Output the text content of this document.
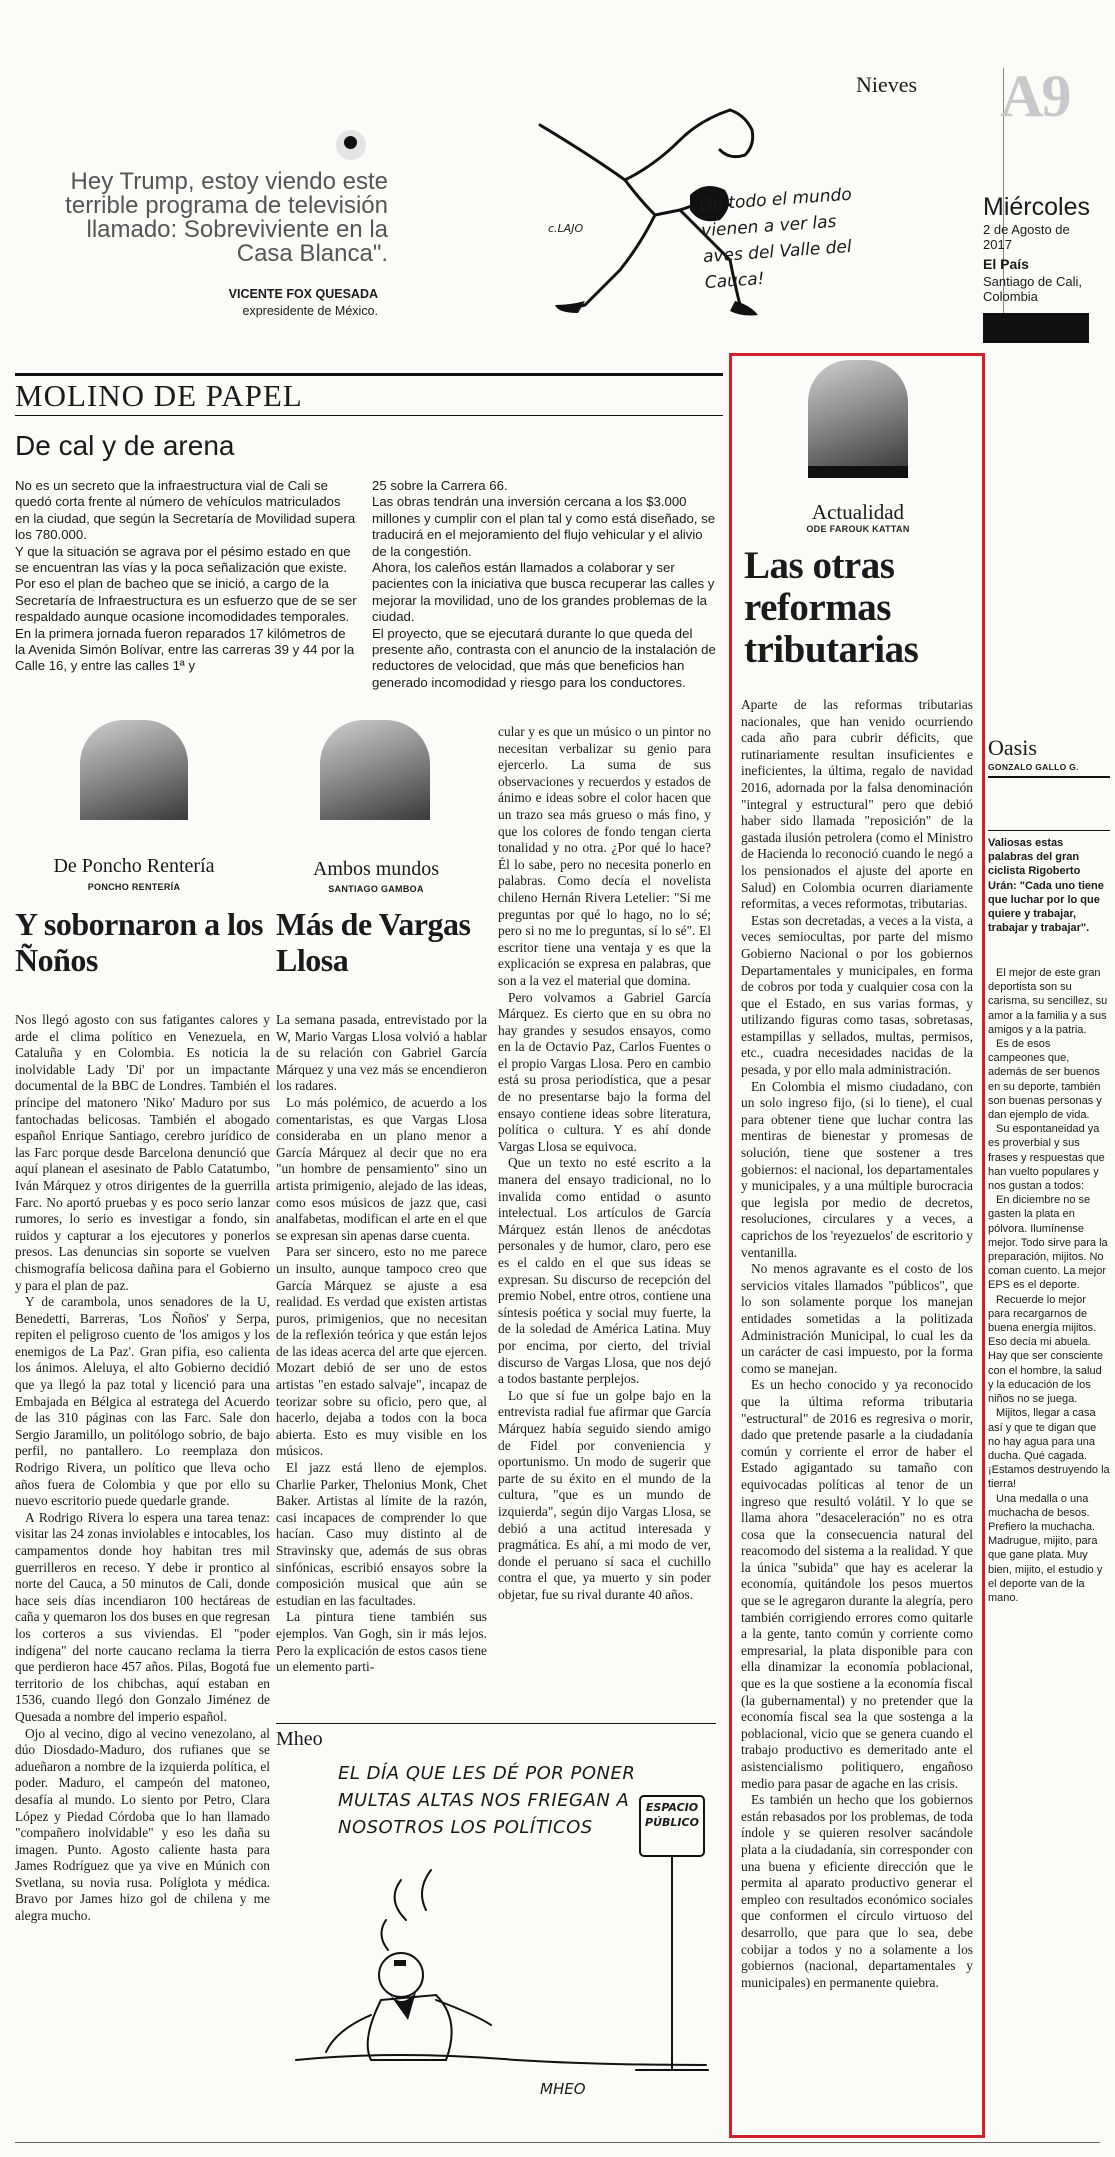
Nieves A9
Miércoles
2 de Agosto de 2017
El País
Santiago de Cali, Colombia
Hey Trump, estoy viendo este terrible programa de televisión llamado: Sobreviviente en la Casa Blanca".
VICENTE FOX QUESADA
expresidente de México.
c.LAJO
De todo el mundo vienen a ver las aves del Valle del Cauca!
MOLINO DE PAPEL
De cal y de arena

No es un secreto que la infraestructura vial de Cali se quedó corta frente al número de vehículos matriculados en la ciudad, que según la Secretaría de Movilidad supera los 780.000.

Y que la situación se agrava por el pésimo estado en que se encuentran las vías y la poca señalización que existe.

Por eso el plan de bacheo que se inició, a cargo de la Secretaría de Infraestructura es un esfuerzo que de se ser respaldado aunque ocasione incomodidades temporales.

En la primera jornada fueron reparados 17 kilómetros de la Avenida Simón Bolívar, entre las carreras 39 y 44 por la Calle 16, y entre las calles 1ª y

25 sobre la Carrera 66.

Las obras tendrán una inversión cercana a los $3.000 millones y cumplir con el plan tal y como está diseñado, se traducirá en el mejoramiento del flujo vehicular y el alivio de la congestión.

Ahora, los caleños están llamados a colaborar y ser pacientes con la iniciativa que busca recuperar las calles y mejorar la movilidad, uno de los grandes problemas de la ciudad.

El proyecto, que se ejecutará durante lo que queda del presente año, contrasta con el anuncio de la instalación de reductores de velocidad, que más que beneficios han generado incomodidad y riesgo para los conductores.

De Poncho Rentería
PONCHO RENTERÍA
Y sobornaron a los Ñoños

Nos llegó agosto con sus fatigantes calores y arde el clima político en Venezuela, en Cataluña y en Colombia. Es noticia la inolvidable Lady 'Di' por un impactante documental de la BBC de Londres. También el príncipe del matonero 'Niko' Maduro por sus fantochadas belicosas. También el abogado español Enrique Santiago, cerebro jurídico de las Farc porque desde Barcelona denunció que aquí planean el asesinato de Pablo Catatumbo, Iván Márquez y otros dirigentes de la guerrilla Farc. No aportó pruebas y es poco serio lanzar rumores, lo serio es investigar a fondo, sin ruidos y capturar a los ejecutores y ponerlos presos. Las denuncias sin soporte se vuelven chismografía belicosa dañina para el Gobierno y para el plan de paz.

Y de carambola, unos senadores de la U, Benedetti, Barreras, 'Los Ñoños' y Serpa, repiten el peligroso cuento de 'los amigos y los enemigos de La Paz'. Gran pifia, eso calienta los ánimos. Aleluya, el alto Gobierno decidió que ya llegó la paz total y licenció para una Embajada en Bélgica al estratega del Acuerdo de las 310 páginas con las Farc. Sale don Sergio Jaramillo, un politólogo sobrio, de bajo perfil, no pantallero. Lo reemplaza don Rodrigo Rivera, un político que lleva ocho años fuera de Colombia y que por ello su nuevo escritorio puede quedarle grande.

A Rodrigo Rivera lo espera una tarea tenaz: visitar las 24 zonas inviolables e intocables, los campamentos donde hoy habitan tres mil guerrilleros en receso. Y debe ir prontico al norte del Cauca, a 50 minutos de Cali, donde hace seis días incendiaron 100 hectáreas de caña y quemaron los dos buses en que regresan los corteros a sus viviendas. El "poder indígena" del norte caucano reclama la tierra que perdieron hace 457 años. Pilas, Bogotá fue territorio de los chibchas, aquí estaban en 1536, cuando llegó don Gonzalo Jiménez de Quesada a nombre del imperio español.

Ojo al vecino, digo al vecino venezolano, al dúo Diosdado-Maduro, dos rufianes que se adueñaron a nombre de la izquierda política, el poder. Maduro, el campeón del matoneo, desafía al mundo. Lo siento por Petro, Clara López y Piedad Córdoba que lo han llamado "compañero inolvidable" y eso les daña su imagen. Punto. Agosto caliente hasta para James Rodríguez que ya vive en Múnich con Svetlana, su novia rusa. Políglota y médica. Bravo por James hizo gol de chilena y me alegra mucho.

Ambos mundos
SANTIAGO GAMBOA
Más de Vargas Llosa

La semana pasada, entrevistado por la W, Mario Vargas Llosa volvió a hablar de su relación con Gabriel García Márquez y una vez más se encendieron los radares.

Lo más polémico, de acuerdo a los comentaristas, es que Vargas Llosa consideraba en un plano menor a García Márquez al decir que no era "un hombre de pensamiento" sino un artista primigenio, alejado de las ideas, como esos músicos de jazz que, casi analfabetas, modifican el arte en el que se expresan sin apenas darse cuenta.

Para ser sincero, esto no me parece un insulto, aunque tampoco creo que García Márquez se ajuste a esa realidad. Es verdad que existen artistas puros, primigenios, que no necesitan de la reflexión teórica y que están lejos de las ideas acerca del arte que ejercen. Mozart debió de ser uno de estos artistas "en estado salvaje", incapaz de teorizar sobre su oficio, pero que, al hacerlo, dejaba a todos con la boca abierta. Esto es muy visible en los músicos.

El jazz está lleno de ejemplos. Charlie Parker, Thelonius Monk, Chet Baker. Artistas al límite de la razón, casi incapaces de comprender lo que hacían. Caso muy distinto al de Stravinsky que, además de sus obras sinfónicas, escribió ensayos sobre la composición musical que aún se estudian en las facultades.

La pintura tiene también sus ejemplos. Van Gogh, sin ir más lejos. Pero la explicación de estos casos tiene un elemento parti-

cular y es que un músico o un pintor no necesitan verbalizar su genio para ejercerlo. La suma de sus observaciones y recuerdos y estados de ánimo e ideas sobre el color hacen que un trazo sea más grueso o más fino, y que los colores de fondo tengan cierta tonalidad y no otra. ¿Por qué lo hace? Él lo sabe, pero no necesita ponerlo en palabras. Como decía el novelista chileno Hernán Rivera Letelier: "Si me preguntas por qué lo hago, no lo sé; pero si no me lo preguntas, sí lo sé". El escritor tiene una ventaja y es que la explicación se expresa en palabras, que son a la vez el material que domina.

Pero volvamos a Gabriel García Márquez. Es cierto que en su obra no hay grandes y sesudos ensayos, como en la de Octavio Paz, Carlos Fuentes o el propio Vargas Llosa. Pero en cambio está su prosa periodística, que a pesar de no presentarse bajo la forma del ensayo contiene ideas sobre literatura, política o cultura. Y es ahí donde Vargas Llosa se equivoca.

Que un texto no esté escrito a la manera del ensayo tradicional, no lo invalida como entidad o asunto intelectual. Los artículos de García Márquez están llenos de anécdotas personales y de humor, claro, pero ese es el caldo en el que sus ideas se expresan. Su discurso de recepción del premio Nobel, entre otros, contiene una síntesis poética y social muy fuerte, la de la soledad de América Latina. Muy por encima, por cierto, del trivial discurso de Vargas Llosa, que nos dejó a todos bastante perplejos.

Lo que sí fue un golpe bajo en la entrevista radial fue afirmar que García Márquez había seguido siendo amigo de Fidel por conveniencia y oportunismo. Un modo de sugerir que parte de su éxito en el mundo de la cultura, "que es un mundo de izquierda", según dijo Vargas Llosa, se debió a una actitud interesada y pragmática. Es ahí, a mi modo de ver, donde el peruano sí saca el cuchillo contra el que, ya muerto y sin poder objetar, fue su rival durante 40 años.

Mheo
EL DÍA QUE LES DÉ POR PONER MULTAS ALTAS NOS FRIEGAN A NOSOTROS LOS POLÍTICOS
ESPACIO PÚBLICO
MHEO
Actualidad
ODE FAROUK KATTAN
Las otras reformas tributarias

Aparte de las reformas tributarias nacionales, que han venido ocurriendo cada año para cubrir déficits, que rutinariamente resultan insuficientes e ineficientes, la última, regalo de navidad 2016, adornada por la falsa denominación "integral y estructural" pero que debió haber sido llamada "reposición" de la gastada ilusión petrolera (como el Ministro de Hacienda lo reconoció cuando le negó a los pensionados el ajuste del aporte en Salud) en Colombia ocurren diariamente reformitas, a veces reformotas, tributarias.

Estas son decretadas, a veces a la vista, a veces semiocultas, por parte del mismo Gobierno Nacional o por los gobiernos Departamentales y municipales, en forma de cobros por toda y cualquier cosa con la que el Estado, en sus varias formas, y utilizando figuras como tasas, sobretasas, estampillas y sellados, multas, permisos, etc., cuadra necesidades nacidas de la pesada, y por ello mala administración.

En Colombia el mismo ciudadano, con un solo ingreso fijo, (si lo tiene), el cual para obtener tiene que luchar contra las mentiras de bienestar y promesas de solución, tiene que sostener a tres gobiernos: el nacional, los departamentales y municipales, y a una múltiple burocracia que legisla por medio de decretos, resoluciones, circulares y a veces, a caprichos de los 'reyezuelos' de escritorio y ventanilla.

No menos agravante es el costo de los servicios vitales llamados "públicos", que lo son solamente porque los manejan entidades sometidas a la politizada Administración Municipal, lo cual les da un carácter de casi impuesto, por la forma como se manejan.

Es un hecho conocido y ya reconocido que la última reforma tributaria "estructural" de 2016 es regresiva o morir, dado que pretende pasarle a la ciudadanía común y corriente el error de haber el Estado agigantado su tamaño con equivocadas políticas al tenor de un ingreso que resultó volátil. Y lo que se llama ahora "desaceleración" no es otra cosa que la consecuencia natural del reacomodo del sistema a la realidad. Y que la única "subida" que hay es acelerar la economía, quitándole los pesos muertos que se le agregaron durante la alegría, pero también corrigiendo errores como quitarle a la gente, tanto común y corriente como empresarial, la plata disponible para con ella dinamizar la economía poblacional, que es la que sostiene a la economía fiscal (la gubernamental) y no pretender que la economía fiscal sea la que sostenga a la poblacional, vicio que se genera cuando el trabajo productivo es demeritado ante el asistencialismo politiquero, engañoso medio para pasar de agache en las crisis.

Es también un hecho que los gobiernos están rebasados por los problemas, de toda índole y se quieren resolver sacándole plata a la ciudadanía, sin corresponder con una buena y eficiente dirección que le permita al aparato productivo generar el empleo con resultados económico sociales que conformen el círculo virtuoso del desarrollo, que para que lo sea, debe cobijar a todos y no a solamente a los gobiernos (nacional, departamentales y municipales) en permanente quiebra.

Oasis
GONZALO GALLO G.
Valiosas estas palabras del gran ciclista Rigoberto Urán: "Cada uno tiene que luchar por lo que quiere y trabajar, trabajar y trabajar".

El mejor de este gran deportista son su carisma, su sencillez, su amor a la familia y a sus amigos y a la patria.

Es de esos campeones que, además de ser buenos en su deporte, también son buenas personas y dan ejemplo de vida.

Su espontaneidad ya es proverbial y sus frases y respuestas que han vuelto populares y nos gustan a todos:

En diciembre no se gasten la plata en pólvora. Ilumínense mejor. Todo sirve para la preparación, mijitos. No coman cuento. La mejor EPS es el deporte.

Recuerde lo mejor para recargarnos de buena energía mijitos. Eso decía mi abuela. Hay que ser consciente con el hombre, la salud y la educación de los niños no se juega.

Mijitos, llegar a casa así y que te digan que no hay agua para una ducha. Qué cagada. ¡Estamos destruyendo la tierra!

Una medalla o una muchacha de besos. Prefiero la muchacha. Madrugue, mijito, para que gane plata. Muy bien, mijito, el estudio y el deporte van de la mano.
